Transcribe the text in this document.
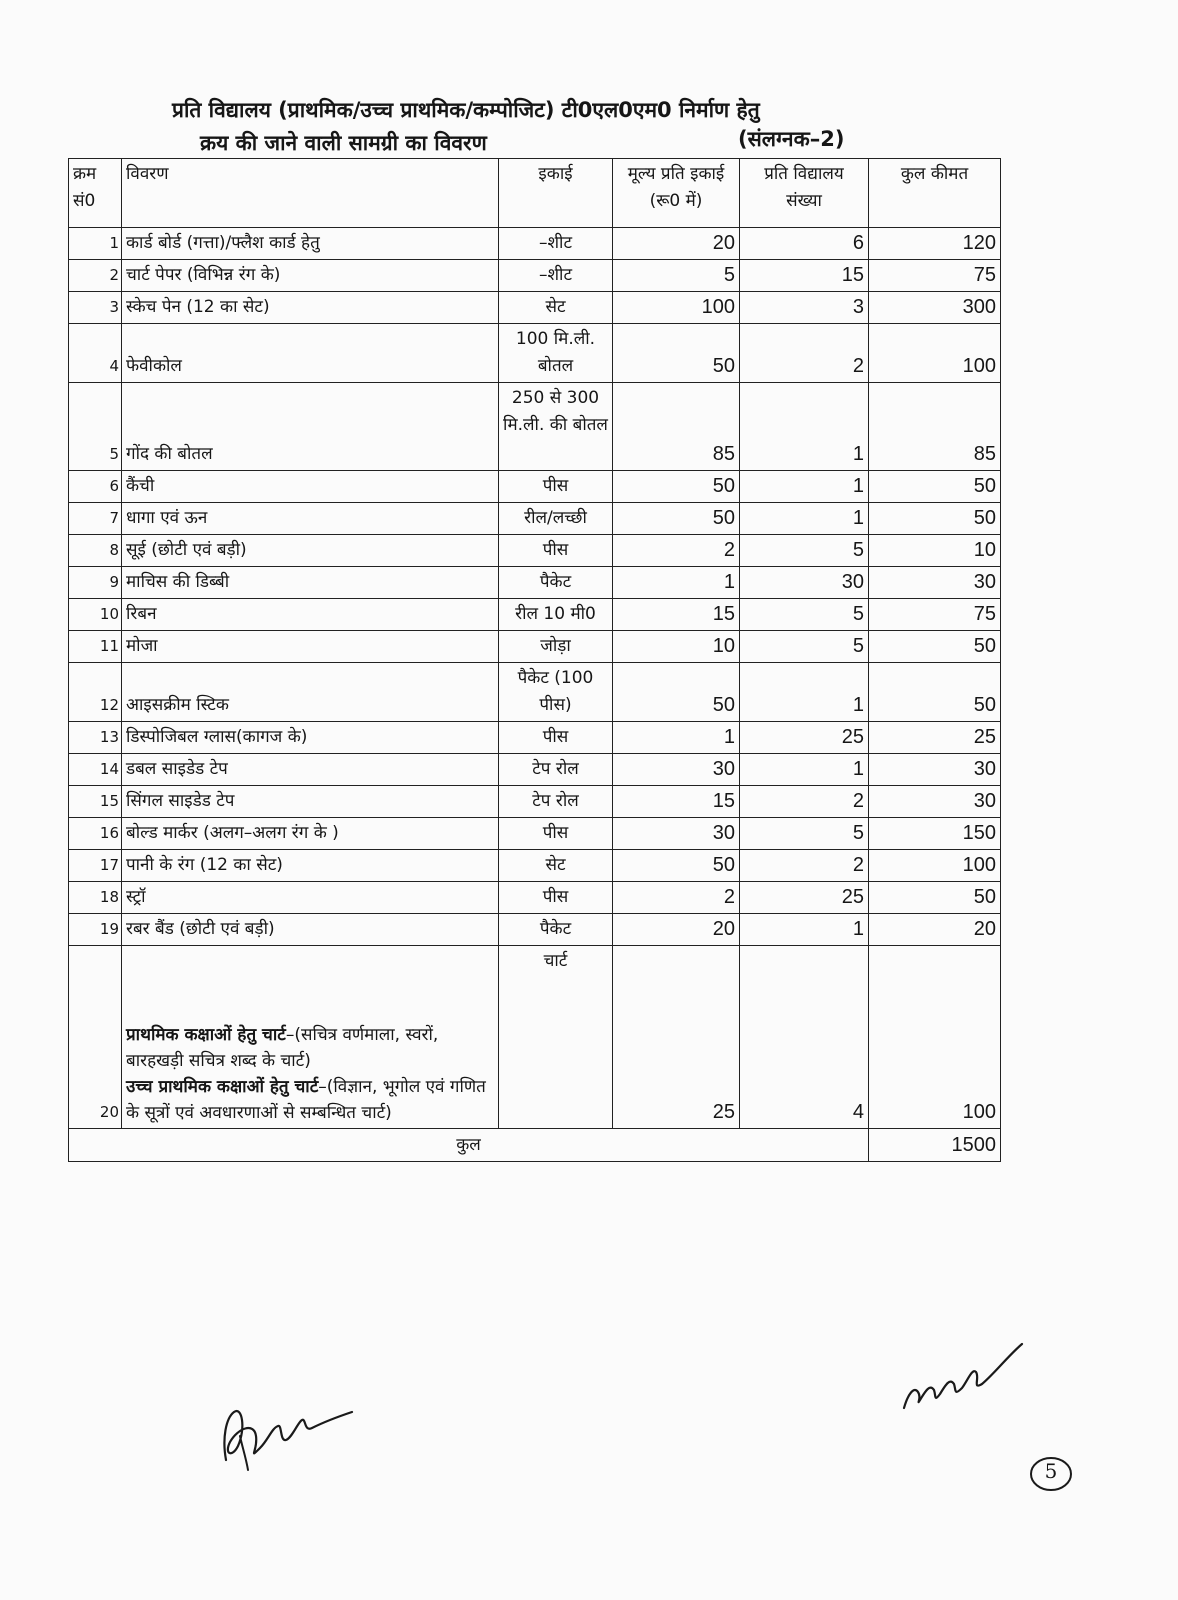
प्रति विद्यालय (प्राथमिक/उच्च प्राथमिक/कम्पोजिट) टी0एल0एम0 निर्माण हेतु
क्रय की जाने वाली सामग्री का विवरण	(संलग्नक–2)
क्रम सं0	विवरण	इकाई	मूल्य प्रति इकाई (रू0 में)	प्रति विद्यालय संख्या	कुल कीमत
1	कार्ड बोर्ड (गत्ता)/फ्लैश कार्ड हेतु	–शीट	20	6	120
2	चार्ट पेपर (विभिन्न रंग के)	–शीट	5	15	75
3	स्केच पेन (12 का सेट)	सेट	100	3	300
4	फेवीकोल	100 मि.ली. बोतल	50	2	100
5	गोंद की बोतल	250 से 300 मि.ली. की बोतल	85	1	85
6	कैंची	पीस	50	1	50
7	धागा एवं ऊन	रील/लच्छी	50	1	50
8	सूई (छोटी एवं बड़ी)	पीस	2	5	10
9	माचिस की डिब्बी	पैकेट	1	30	30
10	रिबन	रील 10 मी0	15	5	75
11	मोजा	जोड़ा	10	5	50
12	आइसक्रीम स्टिक	पैकेट (100 पीस)	50	1	50
13	डिस्पोजिबल ग्लास(कागज के)	पीस	1	25	25
14	डबल साइडेड टेप	टेप रोल	30	1	30
15	सिंगल साइडेड टेप	टेप रोल	15	2	30
16	बोल्ड मार्कर (अलग–अलग रंग के )	पीस	30	5	150
17	पानी के रंग (12 का सेट)	सेट	50	2	100
18	स्ट्रॉ	पीस	2	25	50
19	रबर बैंड (छोटी एवं बड़ी)	पैकेट	20	1	20
20	प्राथमिक कक्षाओं हेतु चार्ट–(सचित्र वर्णमाला, स्वरों, बारहखड़ी सचित्र शब्द के चार्ट)
उच्च प्राथमिक कक्षाओं हेतु चार्ट–(विज्ञान, भूगोल एवं गणित के सूत्रों एवं अवधारणाओं से सम्बन्धित चार्ट)	चार्ट	25	4	100
कुल					1500
5
